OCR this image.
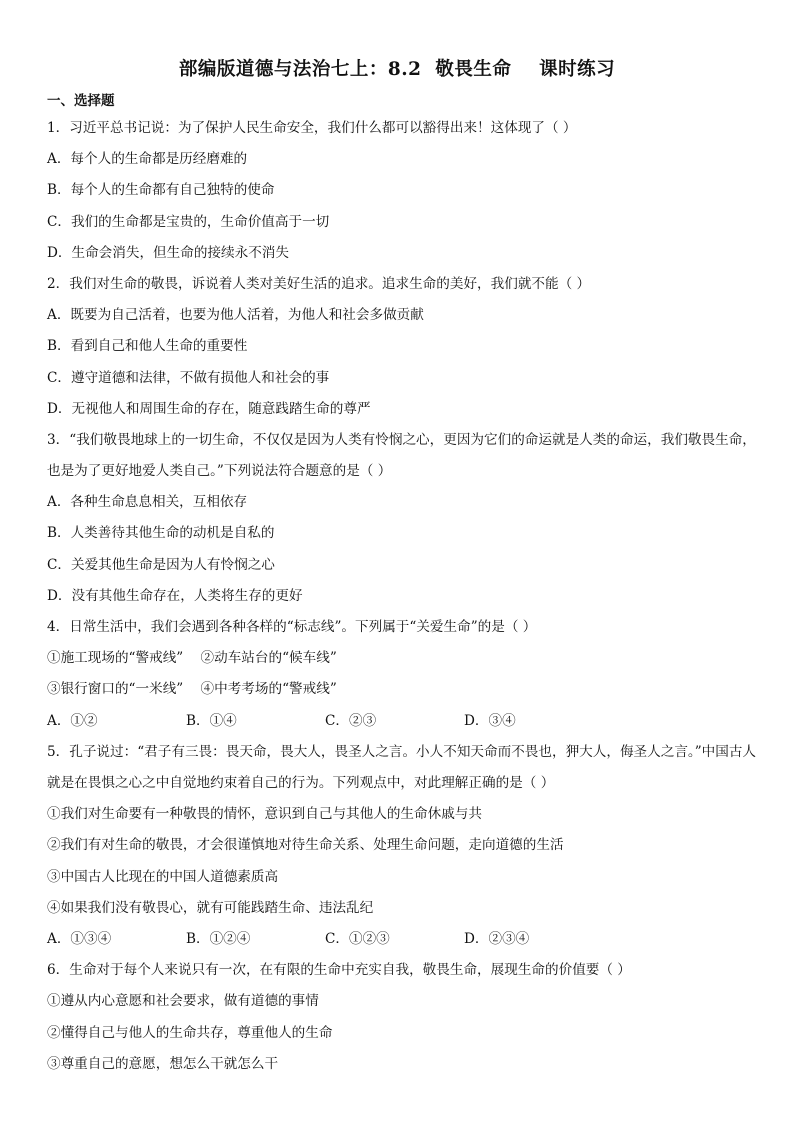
部编版道德与法治七上：8.2  敬畏生命    课时练习
一、选择题
1．习近平总书记说：为了保护人民生命安全，我们什么都可以豁得出来！这体现了（ ）
A．每个人的生命都是历经磨难的
B．每个人的生命都有自己独特的使命
C．我们的生命都是宝贵的，生命价值高于一切
D．生命会消失，但生命的接续永不消失
2．我们对生命的敬畏，诉说着人类对美好生活的追求。追求生命的美好，我们就不能（ ）
A．既要为自己活着，也要为他人活着，为他人和社会多做贡献
B．看到自己和他人生命的重要性
C．遵守道德和法律，不做有损他人和社会的事
D．无视他人和周围生命的存在，随意践踏生命的尊严
3．“我们敬畏地球上的一切生命，不仅仅是因为人类有怜悯之心，更因为它们的命运就是人类的命运，我们敬畏生命，也是为了更好地爱人类自己。”下列说法符合题意的是（ ）
A．各种生命息息相关，互相依存
B．人类善待其他生命的动机是自私的
C．关爱其他生命是因为人有怜悯之心
D．没有其他生命存在，人类将生存的更好
4．日常生活中，我们会遇到各种各样的“标志线”。下列属于“关爱生命”的是（ ）
①施工现场的“警戒线”    ②动车站台的“候车线”
③银行窗口的“一米线”    ④中考考场的“警戒线”
A．①②	B．①④	C．②③	D．③④
5．孔子说过：“君子有三畏：畏天命，畏大人，畏圣人之言。小人不知天命而不畏也，狎大人，侮圣人之言。”中国古人就是在畏惧之心之中自觉地约束着自己的行为。下列观点中，对此理解正确的是（ ）
①我们对生命要有一种敬畏的情怀，意识到自己与其他人的生命休戚与共
②我们有对生命的敬畏，才会很谨慎地对待生命关系、处理生命问题，走向道德的生活
③中国古人比现在的中国人道德素质高
④如果我们没有敬畏心，就有可能践踏生命、违法乱纪
A．①③④	B．①②④	C．①②③	D．②③④
6．生命对于每个人来说只有一次，在有限的生命中充实自我，敬畏生命，展现生命的价值要（ ）
①遵从内心意愿和社会要求，做有道德的事情
②懂得自己与他人的生命共存，尊重他人的生命
③尊重自己的意愿，想怎么干就怎么干
